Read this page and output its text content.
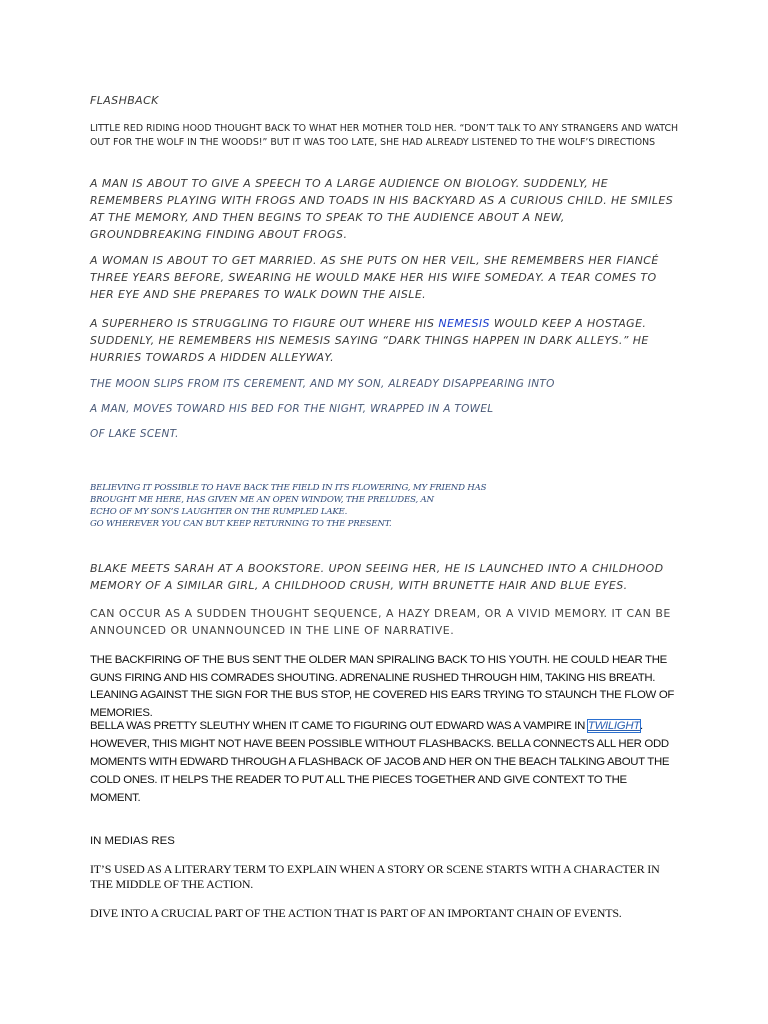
FLASHBACK

LITTLE RED RIDING HOOD THOUGHT BACK TO WHAT HER MOTHER TOLD HER. “DON’T TALK TO ANY STRANGERS AND WATCH OUT FOR THE WOLF IN THE WOODS!” BUT IT WAS TOO LATE, SHE HAD ALREADY LISTENED TO THE WOLF’S DIRECTIONS

A MAN IS ABOUT TO GIVE A SPEECH TO A LARGE AUDIENCE ON BIOLOGY. SUDDENLY, HE REMEMBERS PLAYING WITH FROGS AND TOADS IN HIS BACKYARD AS A CURIOUS CHILD. HE SMILES AT THE MEMORY, AND THEN BEGINS TO SPEAK TO THE AUDIENCE ABOUT A NEW, GROUNDBREAKING FINDING ABOUT FROGS.

A WOMAN IS ABOUT TO GET MARRIED. AS SHE PUTS ON HER VEIL, SHE REMEMBERS HER FIANCÉ THREE YEARS BEFORE, SWEARING HE WOULD MAKE HER HIS WIFE SOMEDAY. A TEAR COMES TO HER EYE AND SHE PREPARES TO WALK DOWN THE AISLE.

A SUPERHERO IS STRUGGLING TO FIGURE OUT WHERE HIS NEMESIS WOULD KEEP A HOSTAGE. SUDDENLY, HE REMEMBERS HIS NEMESIS SAYING “DARK THINGS HAPPEN IN DARK ALLEYS.” HE HURRIES TOWARDS A HIDDEN ALLEYWAY.

THE MOON SLIPS FROM ITS CEREMENT, AND MY SON, ALREADY DISAPPEARING INTO
A MAN, MOVES TOWARD HIS BED FOR THE NIGHT, WRAPPED IN A TOWEL
OF LAKE SCENT.
BELIEVING IT POSSIBLE TO HAVE BACK THE FIELD IN ITS FLOWERING, MY FRIEND HAS
BROUGHT ME HERE, HAS GIVEN ME AN OPEN WINDOW, THE PRELUDES, AN
ECHO OF MY SON’S LAUGHTER ON THE RUMPLED LAKE.
GO WHEREVER YOU CAN BUT KEEP RETURNING TO THE PRESENT.

BLAKE MEETS SARAH AT A BOOKSTORE. UPON SEEING HER, HE IS LAUNCHED INTO A CHILDHOOD MEMORY OF A SIMILAR GIRL, A CHILDHOOD CRUSH, WITH BRUNETTE HAIR AND BLUE EYES.

CAN OCCUR AS A SUDDEN THOUGHT SEQUENCE, A HAZY DREAM, OR A VIVID MEMORY. IT CAN BE ANNOUNCED OR UNANNOUNCED IN THE LINE OF NARRATIVE.

THE BACKFIRING OF THE BUS SENT THE OLDER MAN SPIRALING BACK TO HIS YOUTH. HE COULD HEAR THE GUNS FIRING AND HIS COMRADES SHOUTING. ADRENALINE RUSHED THROUGH HIM, TAKING HIS BREATH. LEANING AGAINST THE SIGN FOR THE BUS STOP, HE COVERED HIS EARS TRYING TO STAUNCH THE FLOW OF MEMORIES.

BELLA WAS PRETTY SLEUTHY WHEN IT CAME TO FIGURING OUT EDWARD WAS A VAMPIRE IN TWILIGHT. HOWEVER, THIS MIGHT NOT HAVE BEEN POSSIBLE WITHOUT FLASHBACKS. BELLA CONNECTS ALL HER ODD MOMENTS WITH EDWARD THROUGH A FLASHBACK OF JACOB AND HER ON THE BEACH TALKING ABOUT THE COLD ONES. IT HELPS THE READER TO PUT ALL THE PIECES TOGETHER AND GIVE CONTEXT TO THE MOMENT.

IN MEDIAS RES

IT’S USED AS A LITERARY TERM TO EXPLAIN WHEN A STORY OR SCENE STARTS WITH A CHARACTER IN THE MIDDLE OF THE ACTION.

DIVE INTO A CRUCIAL PART OF THE ACTION THAT IS PART OF AN IMPORTANT CHAIN OF EVENTS.
